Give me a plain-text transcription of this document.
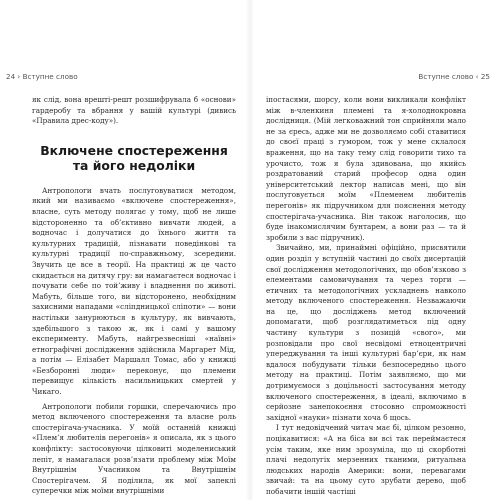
24 › Вступне слово

як слід, вона врешті-решт розшифрувала б «основи» гардеробу та вбрання у вашій культурі (дивись «Правила дрес-коду»).

Включене спостереження
та його недоліки

Антропологи вчать послуговуватися методом, який ми називаємо «включене спостереження», власне, суть методу полягає у тому, щоб не лише відстороненно та об’єктивно вивчати людей, а водночас і долучатися до їхнього життя та культурних традицій, пізнавати поведінкові та культурні традиції по-справжньому, зсередини. Звучить це все в теорії. На практиці ж це часто скидається на дитячу гру: ви намагаєтеся водночас і почувати себе по той’живу і владнення по животі. Мабуть, більше того, ви відсторонено, необхідним захисними нападами «сліпдницької сліпоти» — вони настільки занурюються в культуру, як вивчають, здебільшого з такою ж, як і самі у вашому експерименту. Мабуть, найгрезвесніші «наївні» етнографічні дослідження здійснила Маргарет Мід, а потім — Елізабет Маршалл Томас, або у книжці «Безборонні люди» переконує, що племени перевищує кількість насильницьких смертей у Чикаго.

Антропологи побили горшки, сперечаючись про метод включеного спостереження та власне роль спостерігача-учасника. У моїй останній книжці «Плем’я любителів перегонів» я описала, як з цього конфлікту: застосовуючи цілковиті моделениський лепіт, я намагалася розв’язати проблему між Моїм Внутрішнім Учасником та Внутрішнім Спостерігачем. Я поділила, як мої запеклі суперечки між моїми внутрішніми

Вступне слово ‹ 25

іпостасями, шорсу, коли вони викликали конфлікт між в-членкиня племені та я-холоднокровна дослідниця. (Мій легковажний тон сприйняли мало не за єресь, адже ми не дозволяємо собі ставитися до своєї праці з гумором, тож у мене склалося враження, що на таку тему слід говорити тихо та урочисто, тож я була здивована, що якийсь роздратований старий професор одна один університетський лектор написав мені, що він послуговується моїм «Племенем любителів перегонів» як підручником для пояснення методу спостерігача-учасника. Він також наголосив, що буде інакомислячим бунтарем, а вони раз — та й зробили з вас підручник).

Звичайно, ми, принаймні офіційно, присвятили один розділ у вступній частині до своїх дисертацій свої дослідження методологічних, що обов’язково з елементами самовичування та через торги — етичних та методологічних ускладнень навколо методу включеного спостереження. Незважаючи на це, що досліджень метод включений допомагати, щоб розглядатиметься під одну частину культури з позицій «свого», ми розповідали про свої несвідомі етноцентричні упереджування та інші культурні бар’єри, як нам вдалося побудувати тільки безпосередньо цього методу на практиці. Потім заявляємо, що ми дотримуємося з доцільності застосування методу включеного спостереження, в ідеалі, включимо в серйозне занепокоєння стосовно спроможності західної «науки» пізнати хоча б щось.

І тут недовідчений читач має бі, цілком резонно, поцікавитися: «А на біса ви всі так переймаєтеся усім таким, яке ним зрозуміла, що ці скорботні плачі недолугіх мерзенних тканими, ритуальна людських народів Америки: вони, перевагами звичай: та на цьому суто зрубати дерево, щоб побачити іншій частіші
